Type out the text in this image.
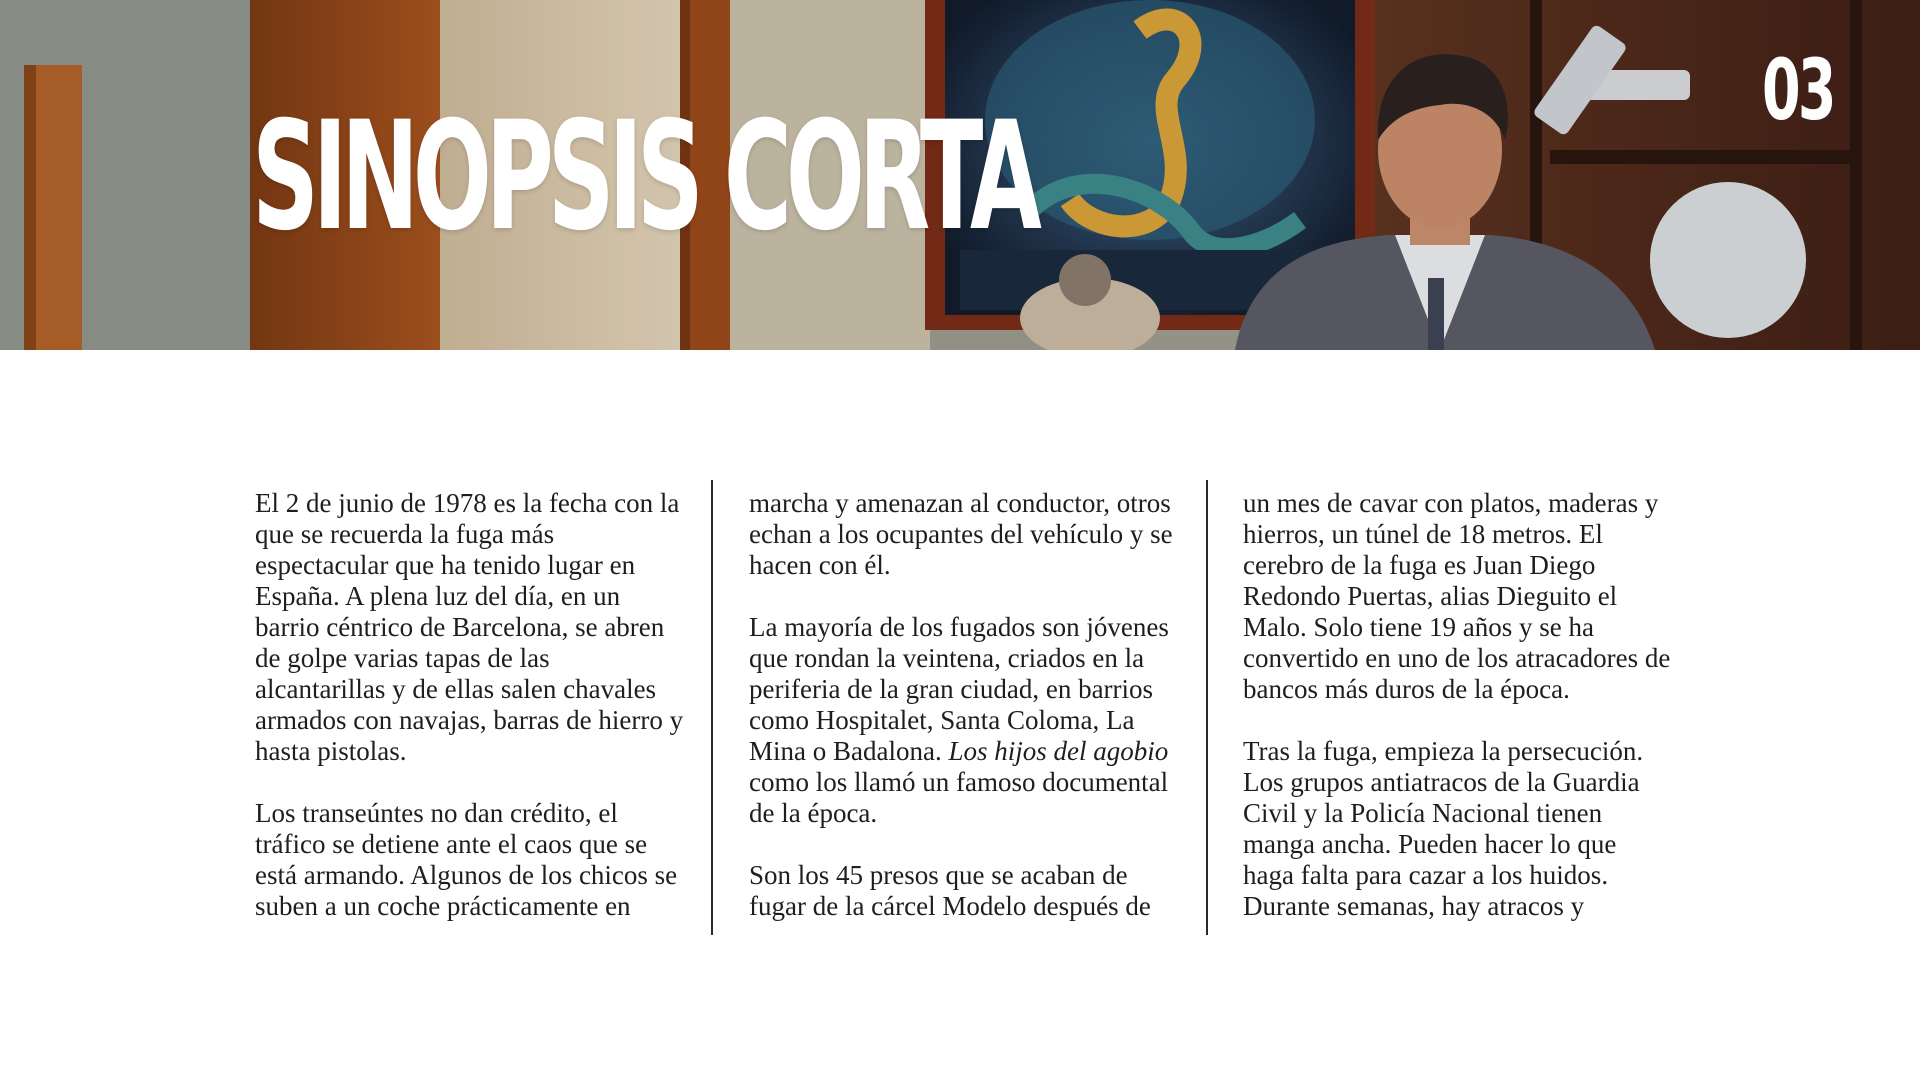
SINOPSIS CORTA	03

El 2 de junio de 1978 es la fecha con la que se recuerda la fuga más espectacular que ha tenido lugar en España. A plena luz del día, en un barrio céntrico de Barcelona, se abren de golpe varias tapas de las alcantarillas y de ellas salen chavales armados con navajas, barras de hierro y hasta pistolas.

Los transeúntes no dan crédito, el tráfico se detiene ante el caos que se está armando. Algunos de los chicos se suben a un coche prácticamente en

marcha y amenazan al conductor, otros echan a los ocupantes del vehículo y se hacen con él.

La mayoría de los fugados son jóvenes que rondan la veintena, criados en la periferia de la gran ciudad, en barrios como Hospitalet, Santa Coloma, La Mina o Badalona. Los hijos del agobio como los llamó un famoso documental de la época.

Son los 45 presos que se acaban de fugar de la cárcel Modelo después de

un mes de cavar con platos, maderas y hierros, un túnel de 18 metros. El cerebro de la fuga es Juan Diego Redondo Puertas, alias Dieguito el Malo. Solo tiene 19 años y se ha convertido en uno de los atracadores de bancos más duros de la época.

Tras la fuga, empieza la persecución. Los grupos antiatracos de la Guardia Civil y la Policía Nacional tienen manga ancha. Pueden hacer lo que haga falta para cazar a los huidos. Durante semanas, hay atracos y
